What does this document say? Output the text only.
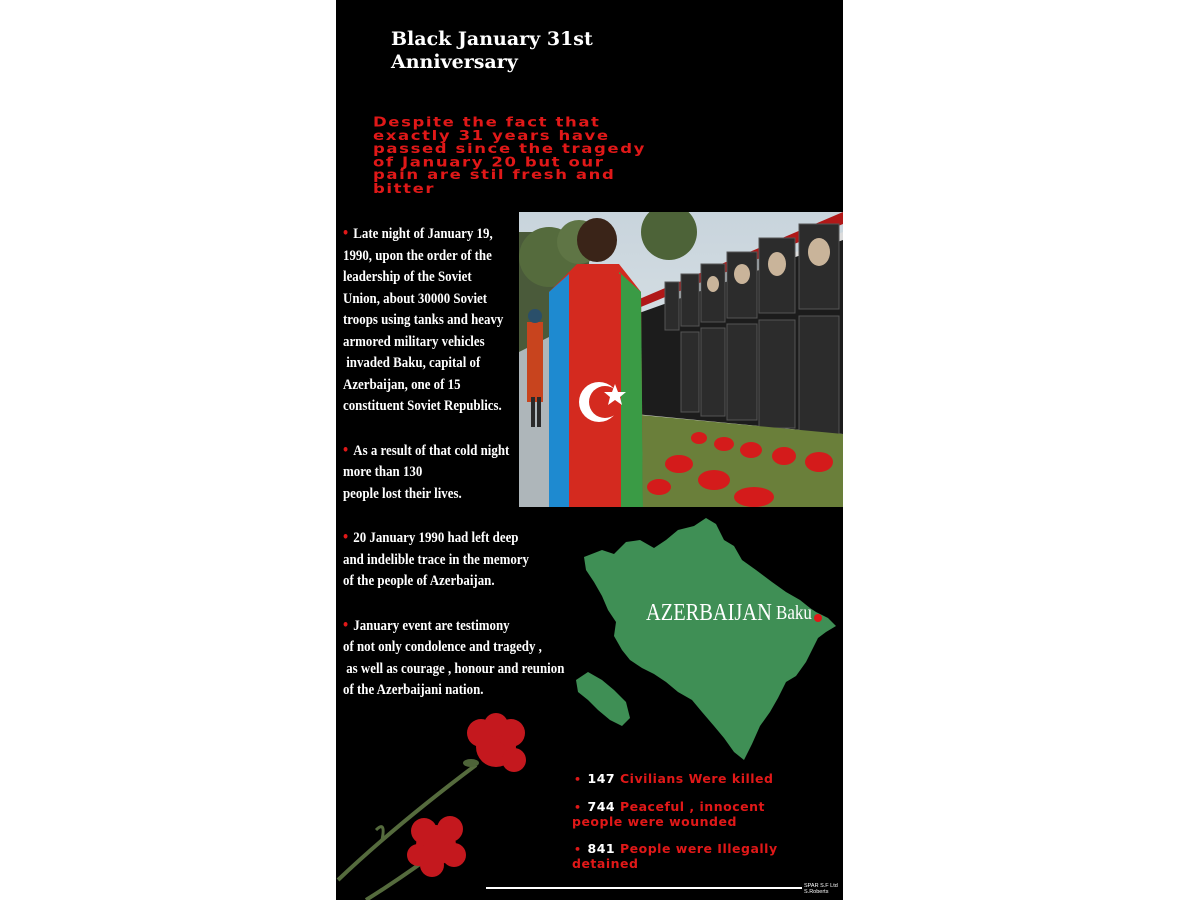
Black January 31st
Anniversary
Despite the fact that
exactly 31 years have
passed since the tragedy
of January 20 but our
pain are stil fresh and
bitter
• Late night of January 19,
1990, upon the order of the
leadership of the Soviet
Union, about 30000 Soviet
troops using tanks and heavy
armored military vehicles
invaded Baku, capital of
Azerbaijan, one of 15
constituent Soviet Republics.
• As a result of that cold night
more than 130
people lost their lives.
• 20 January 1990 had left deep
and indelible trace in the memory
of the people of Azerbaijan.
• January event are testimony
of not only condolence and tragedy ,
as well as courage , honour and reunion
of the Azerbaijani nation.
AZERBAIJAN Baku
• 147 Civilians Were killed
• 744 Peaceful , innocent
people were wounded
• 841 People were Illegally
detained
SPAR S.F Ltd
S.Roberts
